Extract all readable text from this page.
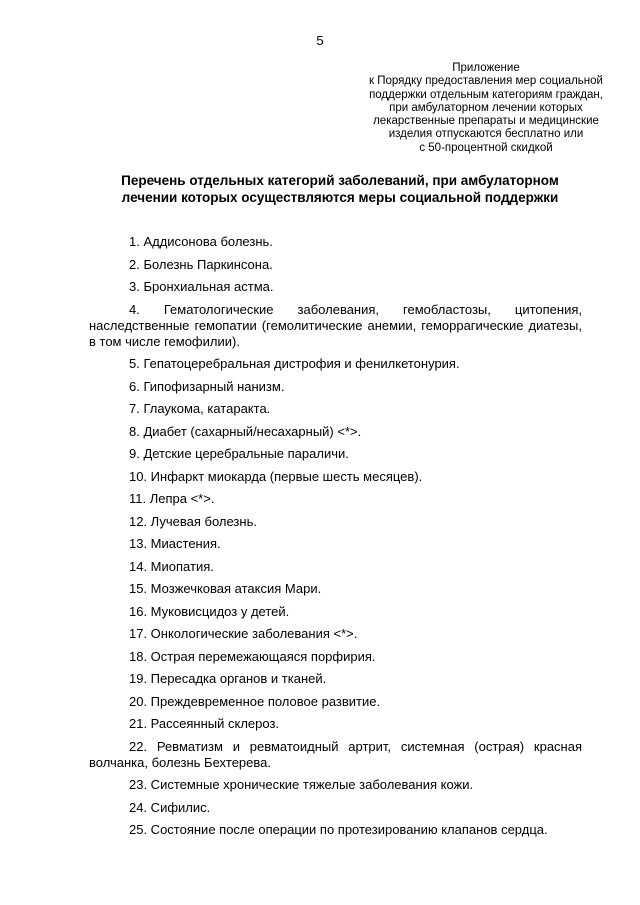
5
Приложение
к Порядку предоставления мер социальной
поддержки отдельным категориям граждан,
при амбулаторном лечении которых
лекарственные препараты и медицинские
изделия отпускаются бесплатно или
с 50-процентной скидкой
Перечень отдельных категорий заболеваний, при амбулаторном
лечении которых осуществляются меры социальной поддержки
1. Аддисонова болезнь.
2. Болезнь Паркинсона.
3. Бронхиальная астма.
4. Гематологические заболевания, гемобластозы, цитопения, наследственные гемопатии (гемолитические анемии, геморрагические диатезы, в том числе гемофилии).
5. Гепатоцеребральная дистрофия и фенилкетонурия.
6. Гипофизарный нанизм.
7. Глаукома, катаракта.
8. Диабет (сахарный/несахарный) <*>.
9. Детские церебральные параличи.
10. Инфаркт миокарда (первые шесть месяцев).
11. Лепра <*>.
12. Лучевая болезнь.
13. Миастения.
14. Миопатия.
15. Мозжечковая атаксия Мари.
16. Муковисцидоз у детей.
17. Онкологические заболевания <*>.
18. Острая перемежающаяся порфирия.
19. Пересадка органов и тканей.
20. Преждевременное половое развитие.
21. Рассеянный склероз.
22. Ревматизм и ревматоидный артрит, системная (острая) красная волчанка, болезнь Бехтерева.
23. Системные хронические тяжелые заболевания кожи.
24. Сифилис.
25. Состояние после операции по протезированию клапанов сердца.
